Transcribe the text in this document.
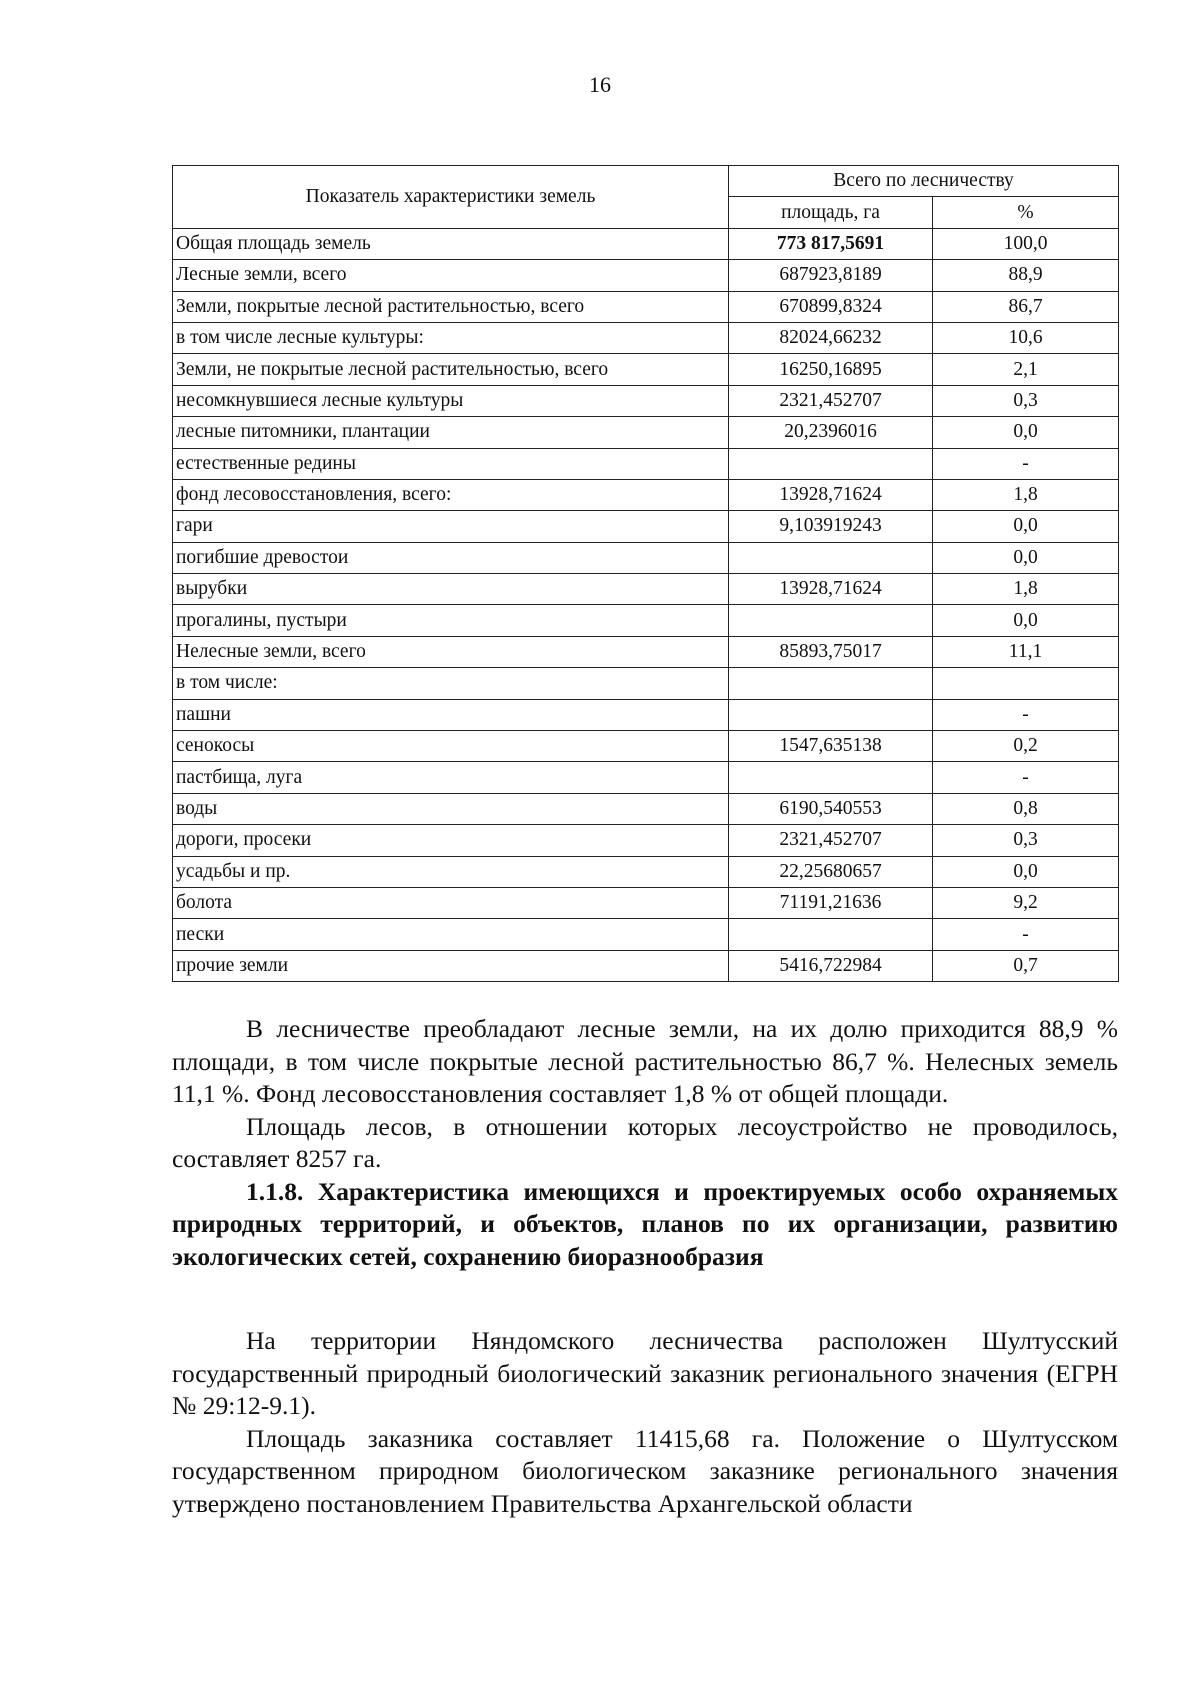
16
Показатель характеристики земель	Всего по лесничеству	
	площадь, га	%
Общая площадь земель	773 817,5691	100,0
Лесные земли, всего	687923,8189	88,9
Земли, покрытые лесной растительностью, всего	670899,8324	86,7
в том числе лесные культуры:	82024,66232	10,6
Земли, не покрытые лесной растительностью, всего	16250,16895	2,1
несомкнувшиеся лесные культуры	2321,452707	0,3
лесные питомники, плантации	20,2396016	0,0
естественные редины		-
фонд лесовосстановления, всего:	13928,71624	1,8
гари	9,103919243	0,0
погибшие древостои		0,0
вырубки	13928,71624	1,8
прогалины, пустыри		0,0
Нелесные земли, всего	85893,75017	11,1
в том числе:		
пашни		-
сенокосы	1547,635138	0,2
пастбища, луга		-
воды	6190,540553	0,8
дороги, просеки	2321,452707	0,3
усадьбы и пр.	22,25680657	0,0
болота	71191,21636	9,2
пески		-
прочие земли	5416,722984	0,7

В лесничестве преобладают лесные земли, на их долю приходится 88,9 % площади, в том числе покрытые лесной растительностью 86,7 %. Нелесных земель 11,1 %. Фонд лесовосстановления составляет 1,8 % от общей площади.

Площадь лесов, в отношении которых лесоустройство не проводилось, составляет 8257 га.

1.1.8. Характеристика имеющихся и проектируемых особо охраняемых природных территорий, и объектов, планов по их организации, развитию экологических сетей, сохранению биоразнообразия

На территории Няндомского лесничества расположен Шултусский государственный природный биологический заказник регионального значения (ЕГРН № 29:12-9.1).

Площадь заказника составляет 11415,68 га. Положение о Шултусском государственном природном биологическом заказнике регионального значения утверждено постановлением Правительства Архангельской области
